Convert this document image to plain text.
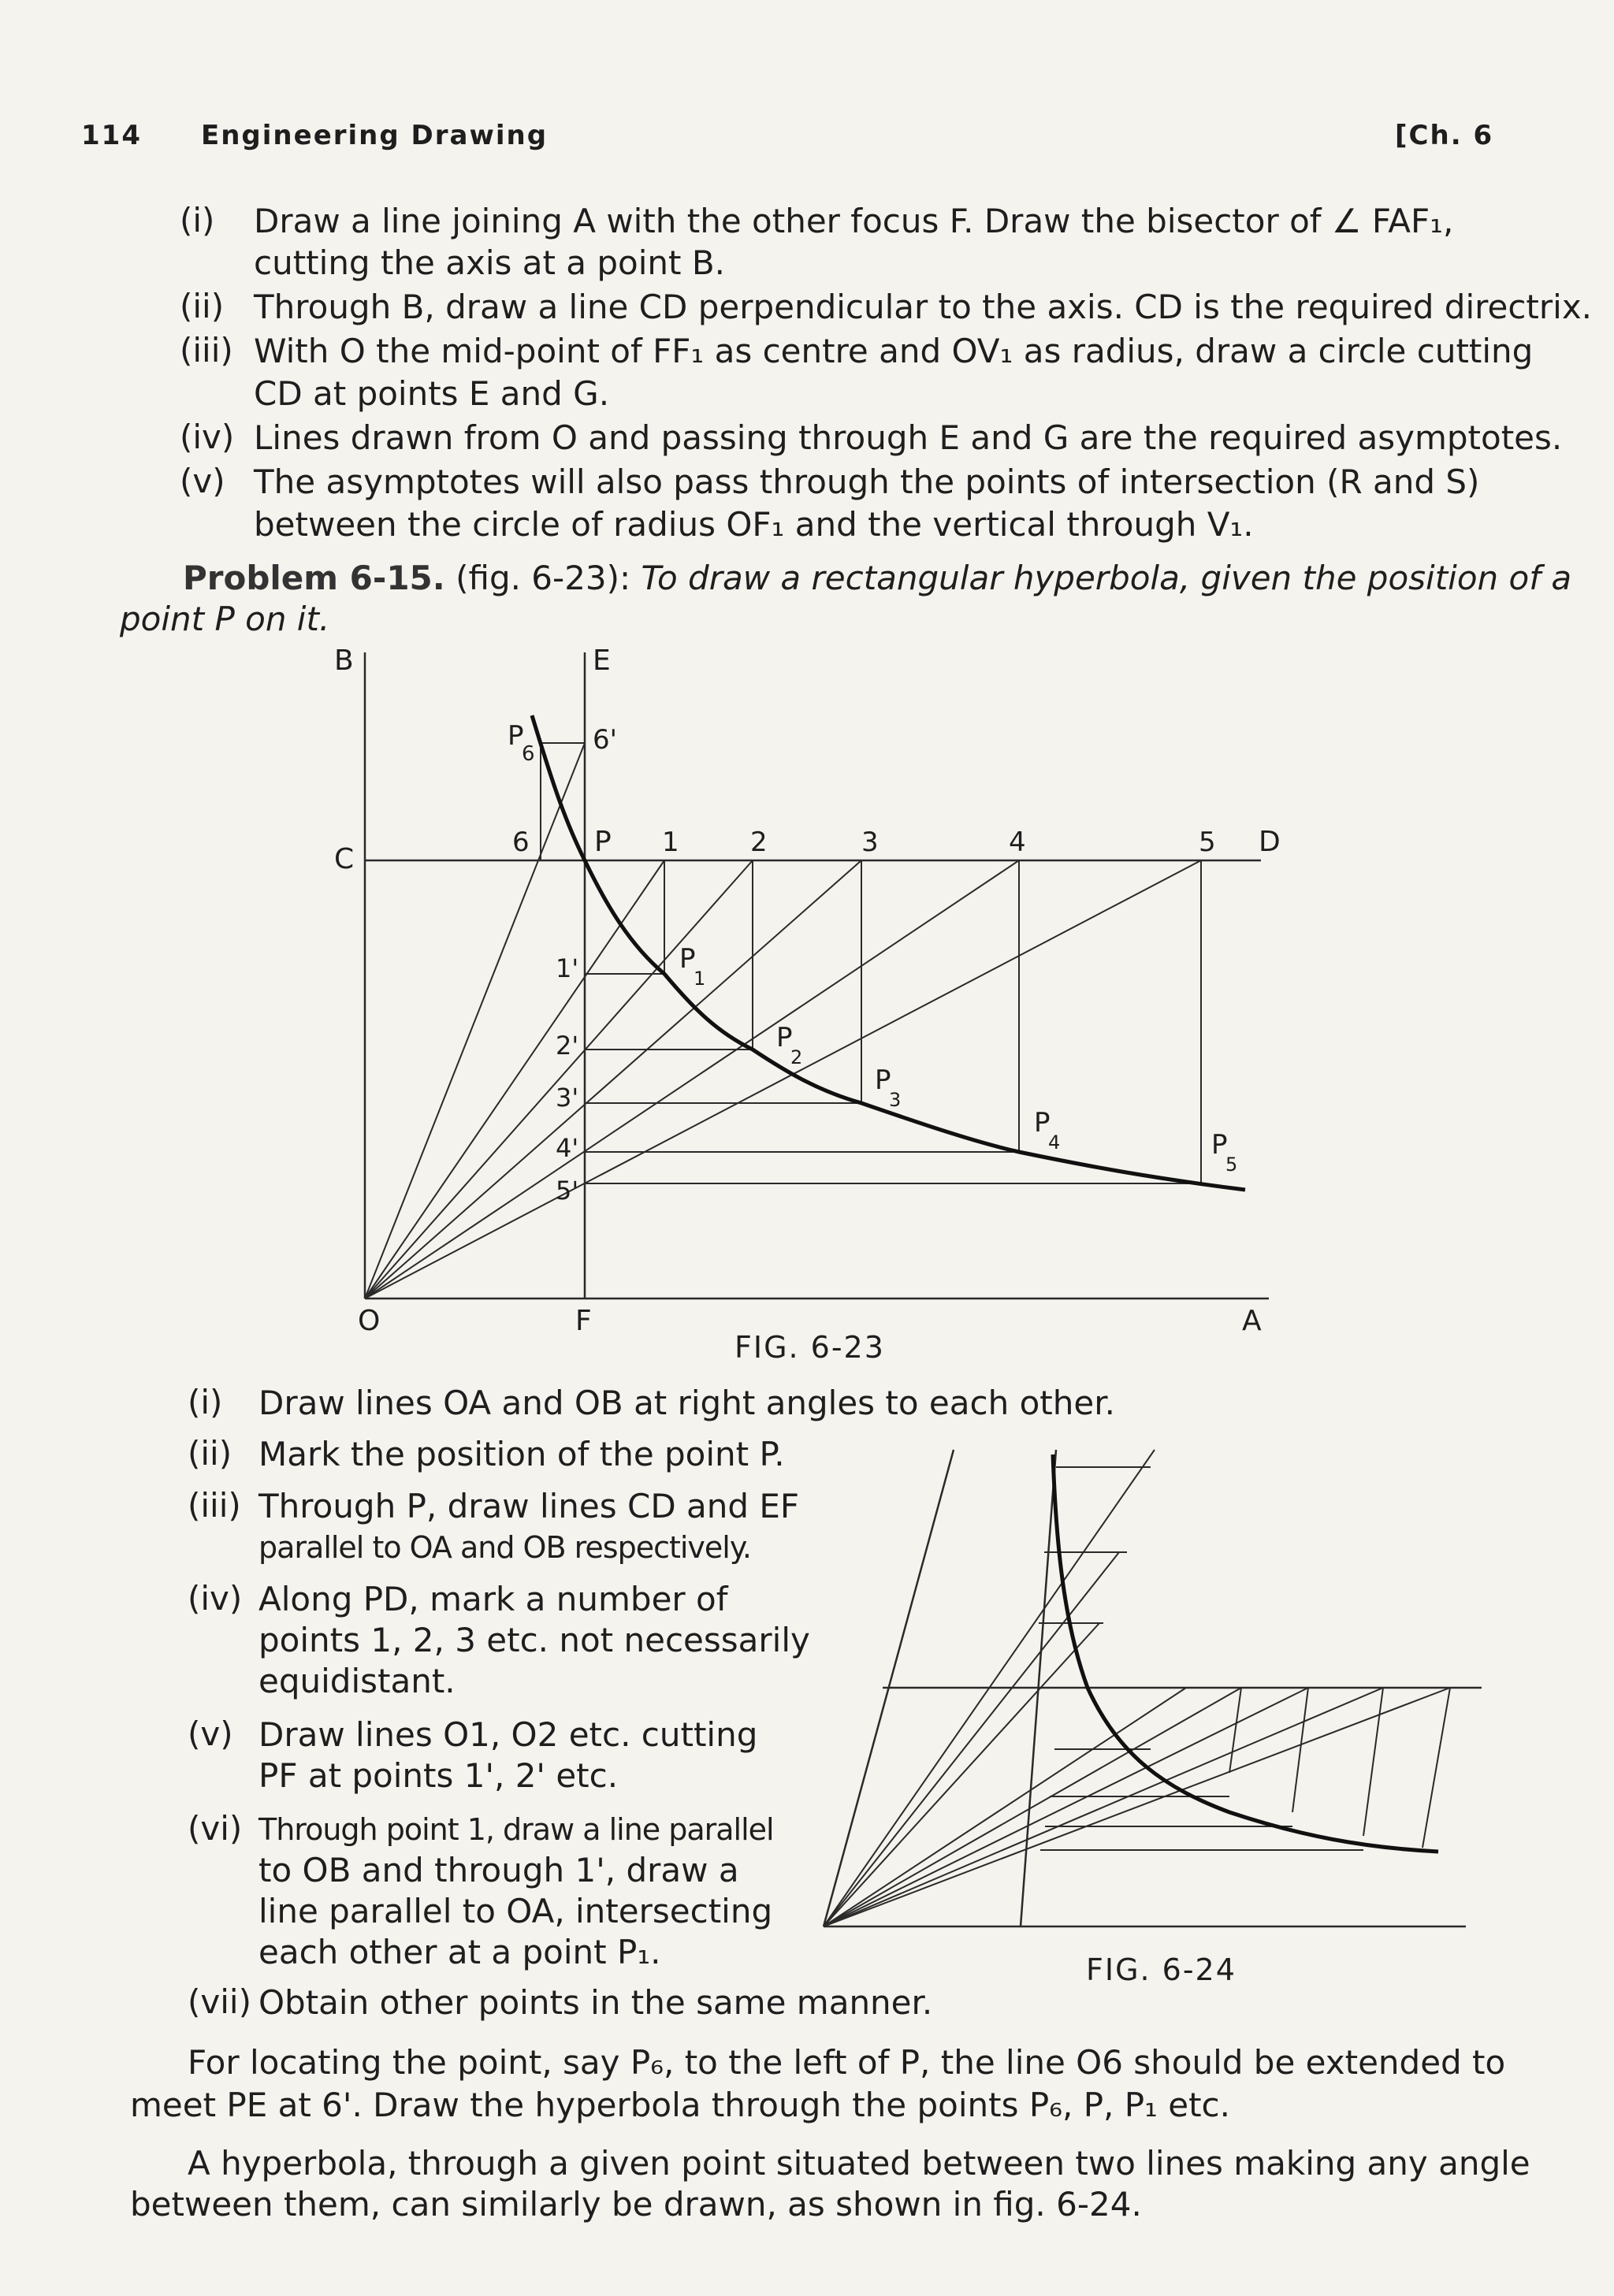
114 Engineering Drawing	[Ch. 6
(i) Draw a line joining A with the other focus F. Draw the bisector of ∠ FAF₁,
cutting the axis at a point B.
(ii) Through B, draw a line CD perpendicular to the axis. CD is the required directrix.
(iii) With O the mid-point of FF₁ as centre and OV₁ as radius, draw a circle cutting
CD at points E and G.
(iv) Lines drawn from O and passing through E and G are the required asymptotes.
(v) The asymptotes will also pass through the points of intersection (R and S)
between the circle of radius OF₁ and the vertical through V₁.
Problem 6-15. (fig. 6-23): To draw a rectangular hyperbola, given the position of a
point P on it.
B	E
C
D
O	F	A
P
6'
6
P
6
1	2	3	4	5
1'
2'
3'
4'
5'
P
1
P
2
P
3
P
4	P
5
FIG. 6-23
(i) Draw lines OA and OB at right angles to each other.
(ii) Mark the position of the point P.
(iii) Through P, draw lines CD and EF
parallel to OA and OB respectively.
(iv) Along PD, mark a number of
points 1, 2, 3 etc. not necessarily
equidistant.
(v) Draw lines O1, O2 etc. cutting
PF at points 1', 2' etc.
(vi) Through point 1, draw a line parallel
to OB and through 1', draw a
line parallel to OA, intersecting
each other at a point P₁.
(vii) Obtain other points in the same manner.
FIG. 6-24
For locating the point, say P₆, to the left of P, the line O6 should be extended to
meet PE at 6'. Draw the hyperbola through the points P₆, P, P₁ etc.
A hyperbola, through a given point situated between two lines making any angle
between them, can similarly be drawn, as shown in fig. 6-24.
